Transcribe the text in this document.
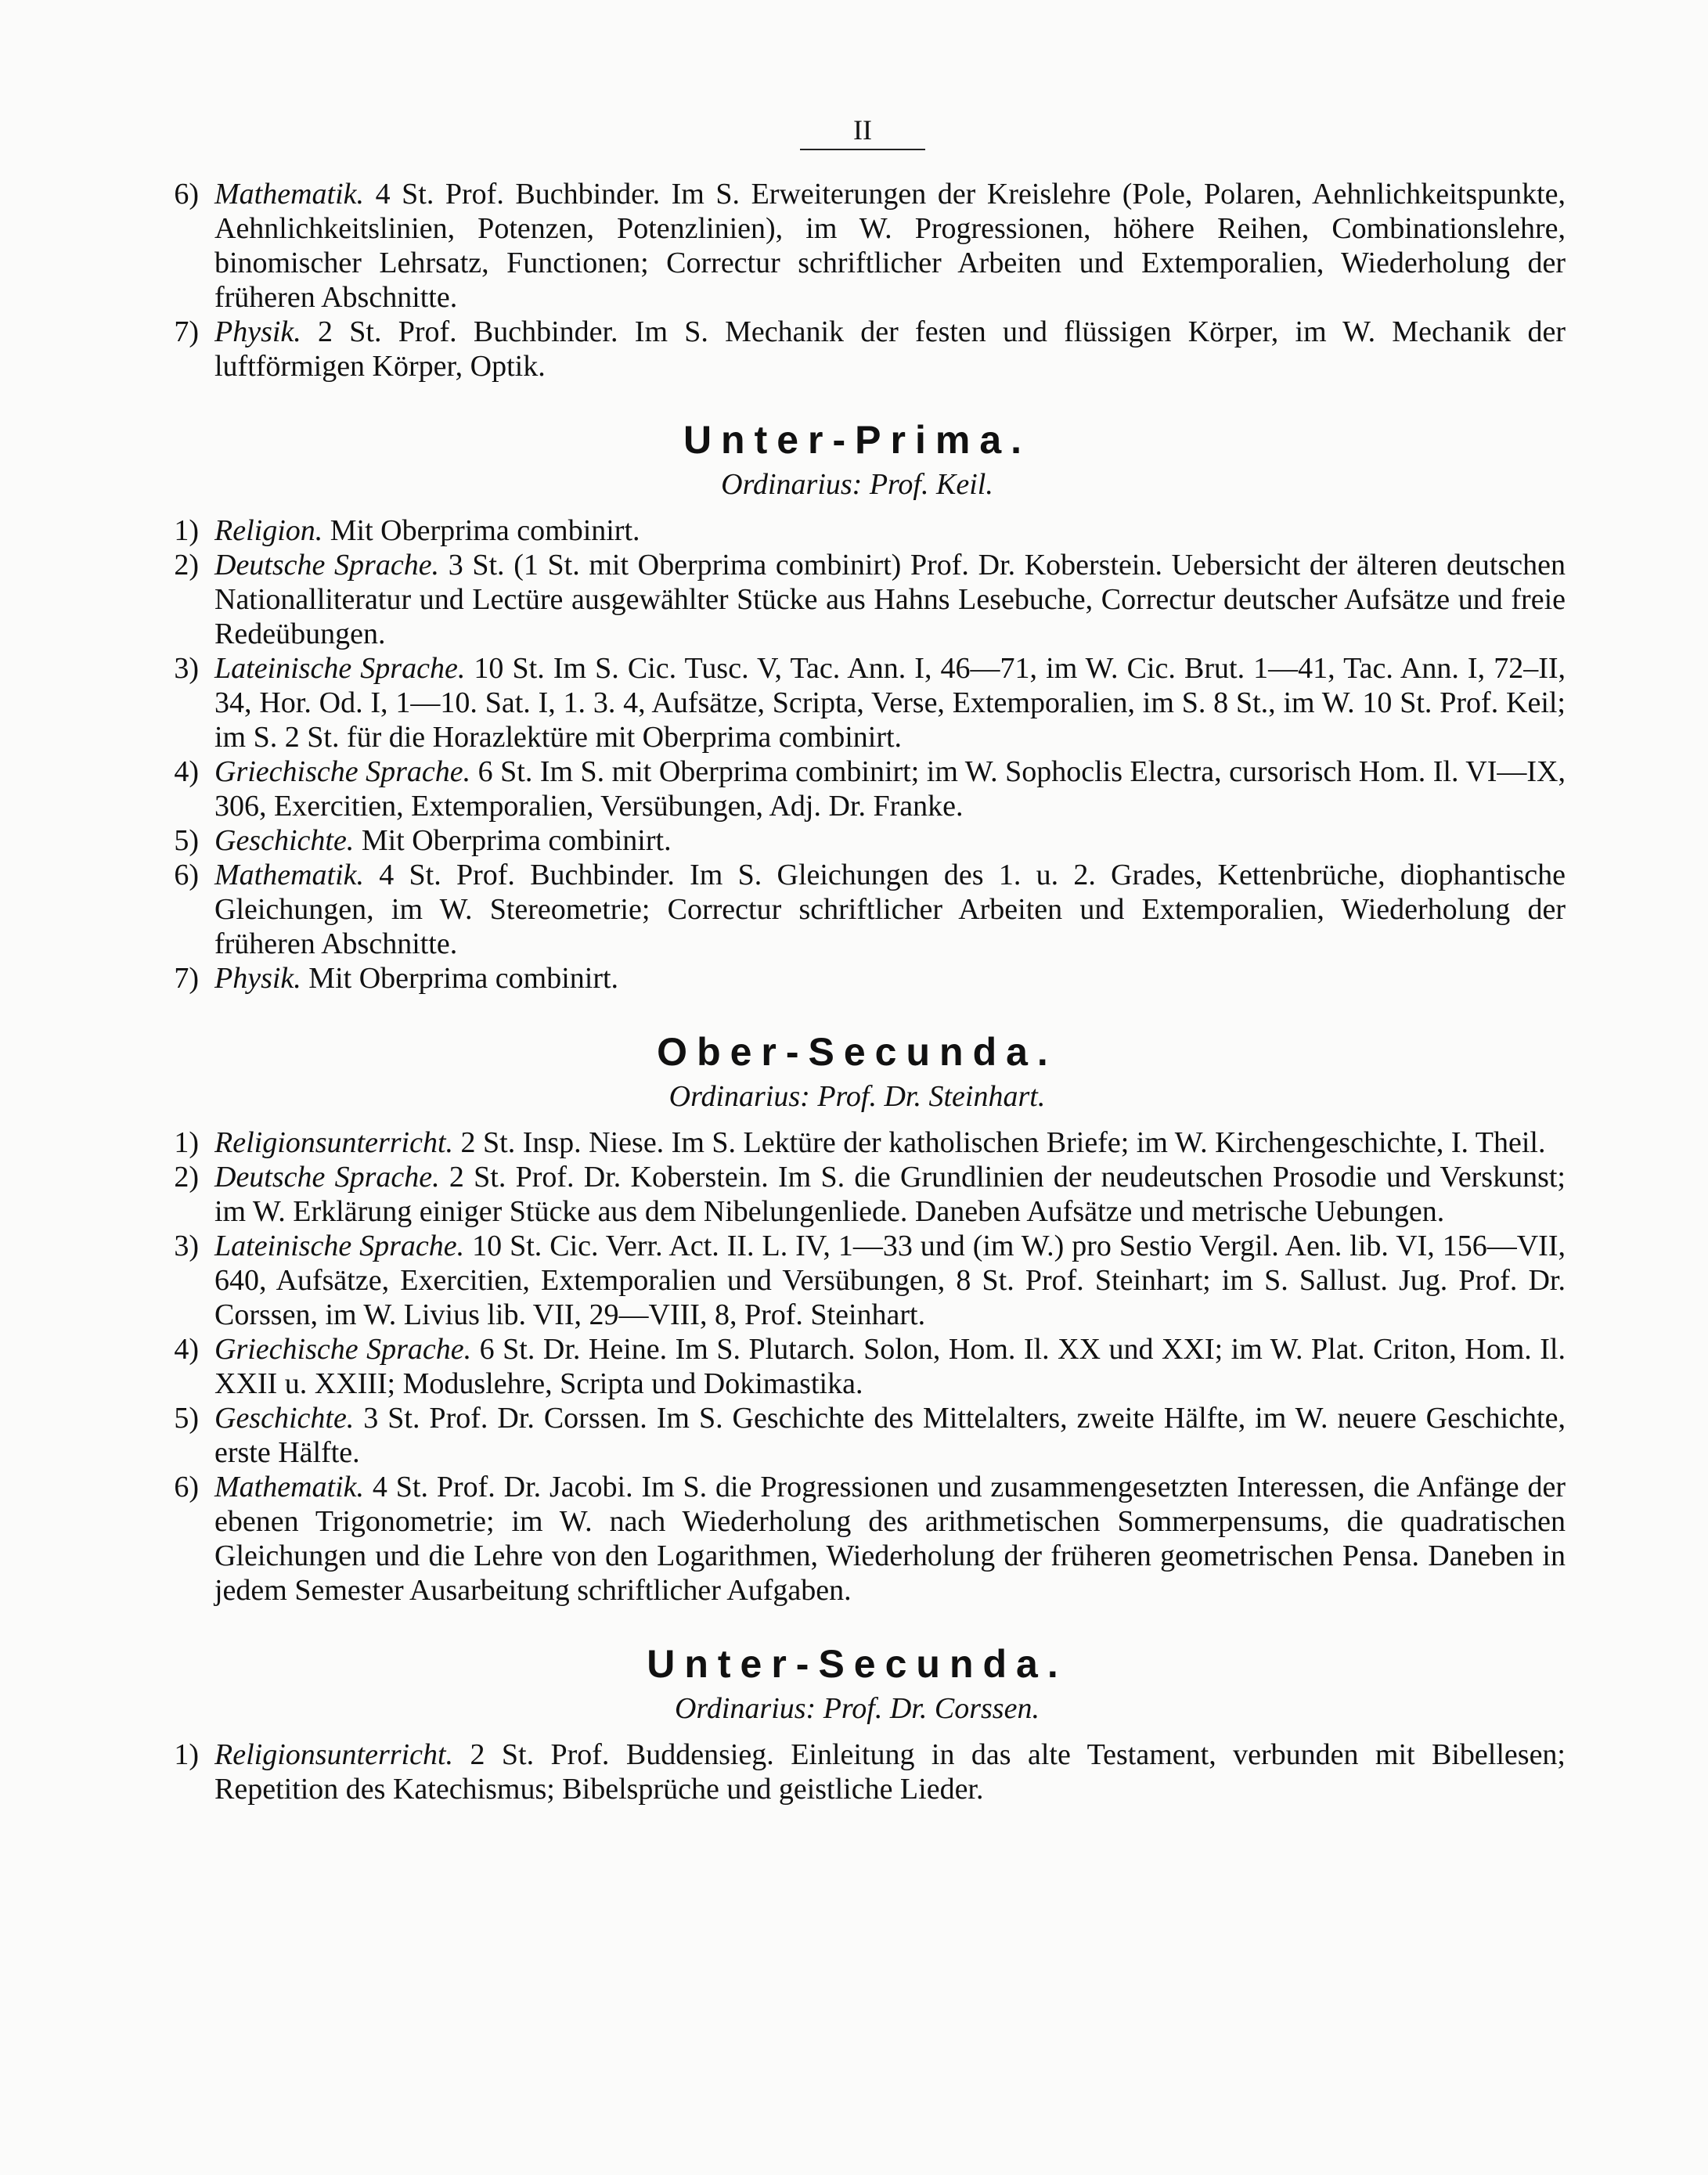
II
6) Mathematik. 4 St. Prof. Buchbinder. Im S. Erweiterungen der Kreislehre (Pole, Polaren, Aehnlichkeitspunkte, Aehnlichkeitslinien, Potenzen, Potenzlinien), im W. Progressionen, höhere Reihen, Combinationslehre, binomischer Lehrsatz, Functionen; Correctur schriftlicher Arbeiten und Extemporalien, Wiederholung der früheren Abschnitte.
7) Physik. 2 St. Prof. Buchbinder. Im S. Mechanik der festen und flüssigen Körper, im W. Mechanik der luftförmigen Körper, Optik.
Unter-Prima.
Ordinarius: Prof. Keil.
1) Religion. Mit Oberprima combinirt.
2) Deutsche Sprache. 3 St. (1 St. mit Oberprima combinirt) Prof. Dr. Koberstein. Uebersicht der älteren deutschen Nationalliteratur und Lectüre ausgewählter Stücke aus Hahns Lesebuche, Correctur deutscher Aufsätze und freie Redeübungen.
3) Lateinische Sprache. 10 St. Im S. Cic. Tusc. V, Tac. Ann. I, 46—71, im W. Cic. Brut. 1—41, Tac. Ann. I, 72–II, 34, Hor. Od. I, 1—10. Sat. I, 1. 3. 4, Aufsätze, Scripta, Verse, Extemporalien, im S. 8 St., im W. 10 St. Prof. Keil; im S. 2 St. für die Horazlektüre mit Oberprima combinirt.
4) Griechische Sprache. 6 St. Im S. mit Oberprima combinirt; im W. Sophoclis Electra, cursorisch Hom. Il. VI—IX, 306, Exercitien, Extemporalien, Versübungen, Adj. Dr. Franke.
5) Geschichte. Mit Oberprima combinirt.
6) Mathematik. 4 St. Prof. Buchbinder. Im S. Gleichungen des 1. u. 2. Grades, Kettenbrüche, diophantische Gleichungen, im W. Stereometrie; Correctur schriftlicher Arbeiten und Extemporalien, Wiederholung der früheren Abschnitte.
7) Physik. Mit Oberprima combinirt.
Ober-Secunda.
Ordinarius: Prof. Dr. Steinhart.
1) Religionsunterricht. 2 St. Insp. Niese. Im S. Lektüre der katholischen Briefe; im W. Kirchengeschichte, I. Theil.
2) Deutsche Sprache. 2 St. Prof. Dr. Koberstein. Im S. die Grundlinien der neudeutschen Prosodie und Verskunst; im W. Erklärung einiger Stücke aus dem Nibelungenliede. Daneben Aufsätze und metrische Uebungen.
3) Lateinische Sprache. 10 St. Cic. Verr. Act. II. L. IV, 1—33 und (im W.) pro Sestio Vergil. Aen. lib. VI, 156—VII, 640, Aufsätze, Exercitien, Extemporalien und Versübungen, 8 St. Prof. Steinhart; im S. Sallust. Jug. Prof. Dr. Corssen, im W. Livius lib. VII, 29—VIII, 8, Prof. Steinhart.
4) Griechische Sprache. 6 St. Dr. Heine. Im S. Plutarch. Solon, Hom. Il. XX und XXI; im W. Plat. Criton, Hom. Il. XXII u. XXIII; Moduslehre, Scripta und Dokimastika.
5) Geschichte. 3 St. Prof. Dr. Corssen. Im S. Geschichte des Mittelalters, zweite Hälfte, im W. neuere Geschichte, erste Hälfte.
6) Mathematik. 4 St. Prof. Dr. Jacobi. Im S. die Progressionen und zusammengesetzten Interessen, die Anfänge der ebenen Trigonometrie; im W. nach Wiederholung des arithmetischen Sommerpensums, die quadratischen Gleichungen und die Lehre von den Logarithmen, Wiederholung der früheren geometrischen Pensa. Daneben in jedem Semester Ausarbeitung schriftlicher Aufgaben.
Unter-Secunda.
Ordinarius: Prof. Dr. Corssen.
1) Religionsunterricht. 2 St. Prof. Buddensieg. Einleitung in das alte Testament, verbunden mit Bibellesen; Repetition des Katechismus; Bibelsprüche und geistliche Lieder.
